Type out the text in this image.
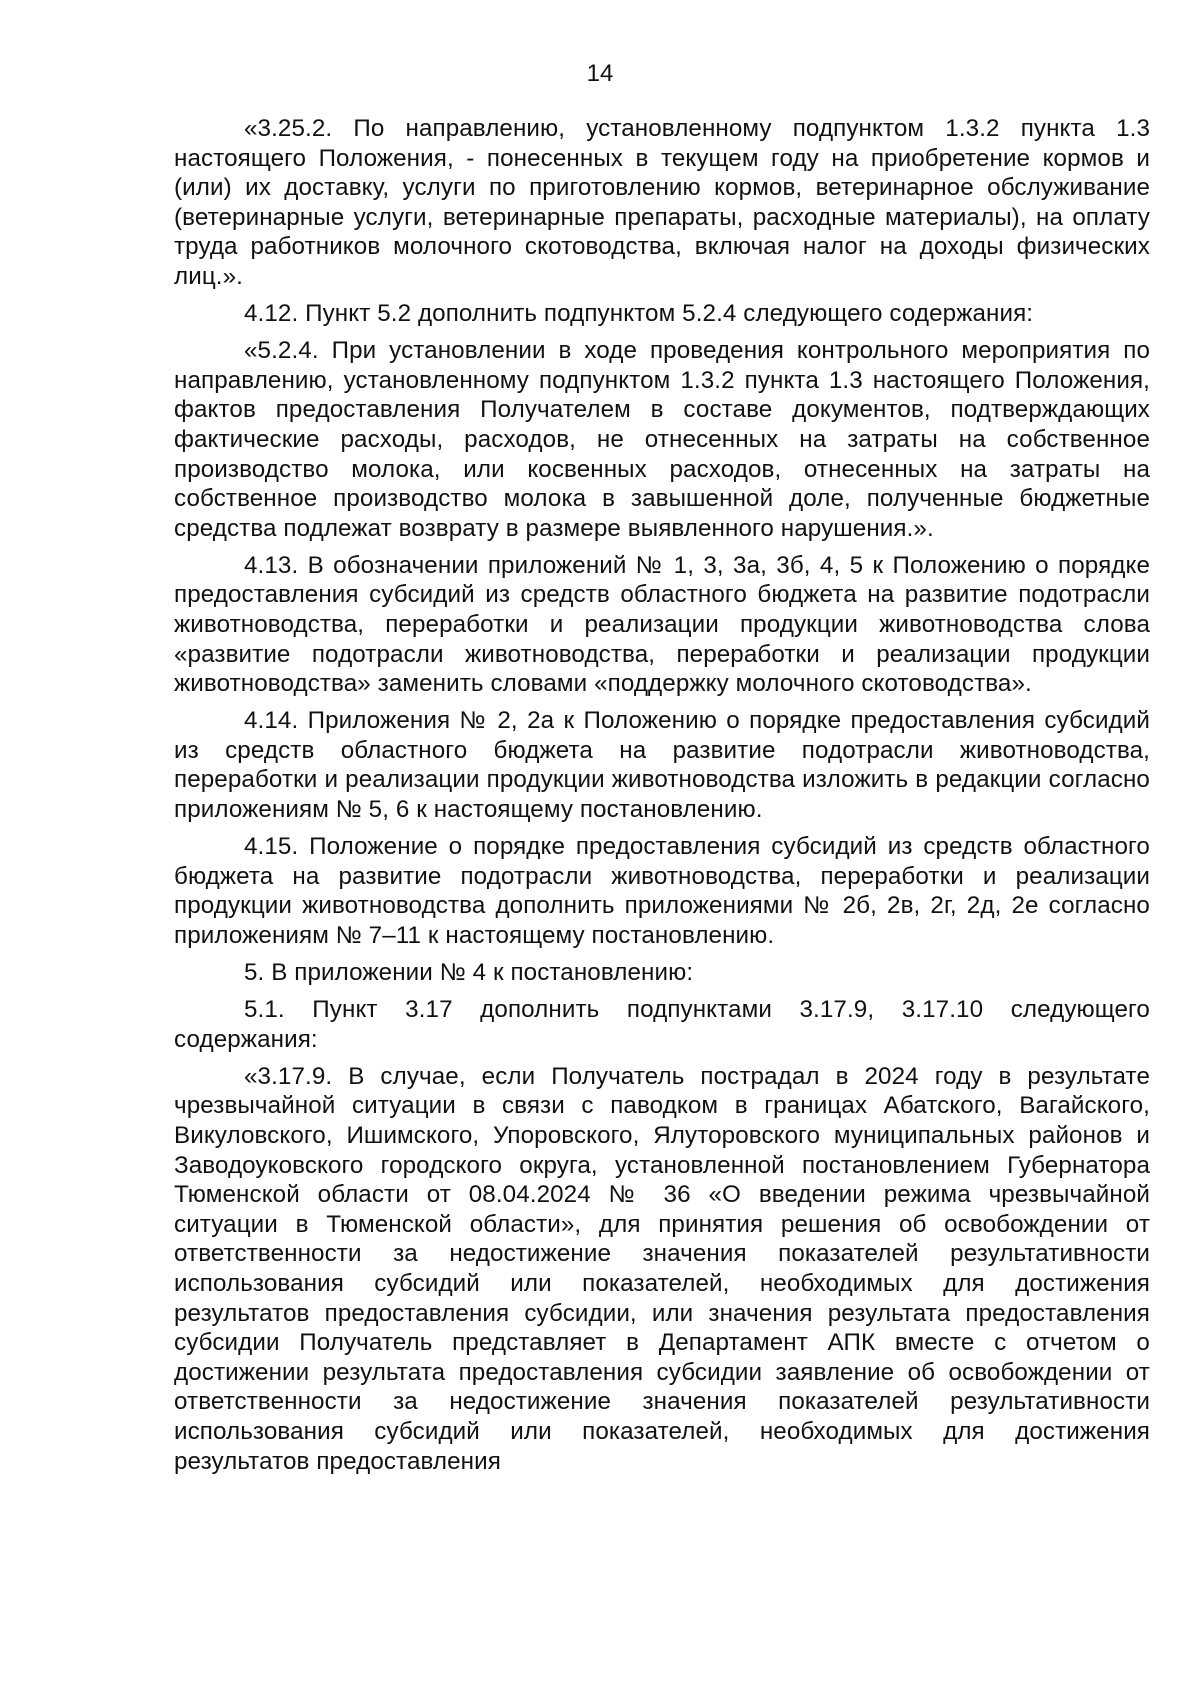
14

«3.25.2. По направлению, установленному подпунктом 1.3.2 пункта 1.3 настоящего Положения, - понесенных в текущем году на приобретение кормов и (или) их доставку, услуги по приготовлению кормов, ветеринарное обслуживание (ветеринарные услуги, ветеринарные препараты, расходные материалы), на оплату труда работников молочного скотоводства, включая налог на доходы физических лиц.».

4.12. Пункт 5.2 дополнить подпунктом 5.2.4 следующего содержания:

«5.2.4. При установлении в ходе проведения контрольного мероприятия по направлению, установленному подпунктом 1.3.2 пункта 1.3 настоящего Положения, фактов предоставления Получателем в составе документов, подтверждающих фактические расходы, расходов, не отнесенных на затраты на собственное производство молока, или косвенных расходов, отнесенных на затраты на собственное производство молока в завышенной доле, полученные бюджетные средства подлежат возврату в размере выявленного нарушения.».

4.13. В обозначении приложений № 1, 3, 3а, 3б, 4, 5 к Положению о порядке предоставления субсидий из средств областного бюджета на развитие подотрасли животноводства, переработки и реализации продукции животноводства слова «развитие подотрасли животноводства, переработки и реализации продукции животноводства» заменить словами «поддержку молочного скотоводства».

4.14. Приложения № 2, 2а к Положению о порядке предоставления субсидий из средств областного бюджета на развитие подотрасли животноводства, переработки и реализации продукции животноводства изложить в редакции согласно приложениям № 5, 6 к настоящему постановлению.

4.15. Положение о порядке предоставления субсидий из средств областного бюджета на развитие подотрасли животноводства, переработки и реализации продукции животноводства дополнить приложениями № 2б, 2в, 2г, 2д, 2е согласно приложениям № 7–11 к настоящему постановлению.

5. В приложении № 4 к постановлению:

5.1. Пункт 3.17 дополнить подпунктами 3.17.9, 3.17.10 следующего содержания:

«3.17.9. В случае, если Получатель пострадал в 2024 году в результате чрезвычайной ситуации в связи с паводком в границах Абатского, Вагайского, Викуловского, Ишимского, Упоровского, Ялуторовского муниципальных районов и Заводоуковского городского округа, установленной постановлением Губернатора Тюменской области от 08.04.2024 № 36 «О введении режима чрезвычайной ситуации в Тюменской области», для принятия решения об освобождении от ответственности за недостижение значения показателей результативности использования субсидий или показателей, необходимых для достижения результатов предоставления субсидии, или значения результата предоставления субсидии Получатель представляет в Департамент АПК вместе с отчетом о достижении результата предоставления субсидии заявление об освобождении от ответственности за недостижение значения показателей результативности использования субсидий или показателей, необходимых для достижения результатов предоставления
